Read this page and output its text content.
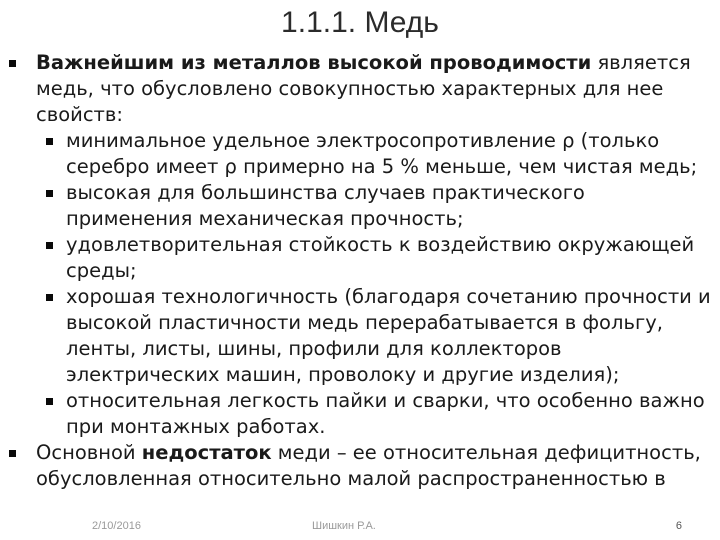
1.1.1. Медь
Важнейшим из металлов высокой проводимости является медь, что обусловлено совокупностью характерных для нее свойств:
минимальное удельное электросопротивление ρ (только серебро имеет ρ примерно на 5 % меньше, чем чистая медь;
высокая для большинства случаев практического применения механическая прочность;
удовлетворительная стойкость к воздействию окружающей среды;
хорошая технологичность (благодаря сочетанию прочности и высокой пластичности медь перерабатывается в фольгу, ленты, листы, шины, профили для коллекторов электрических машин, проволоку и другие изделия);
относительная легкость пайки и сварки, что особенно важно при монтажных работах.
Основной недостаток меди – ее относительная дефицитность, обусловленная относительно малой распространенностью в
2/10/2016	Шишкин Р.А.	6
